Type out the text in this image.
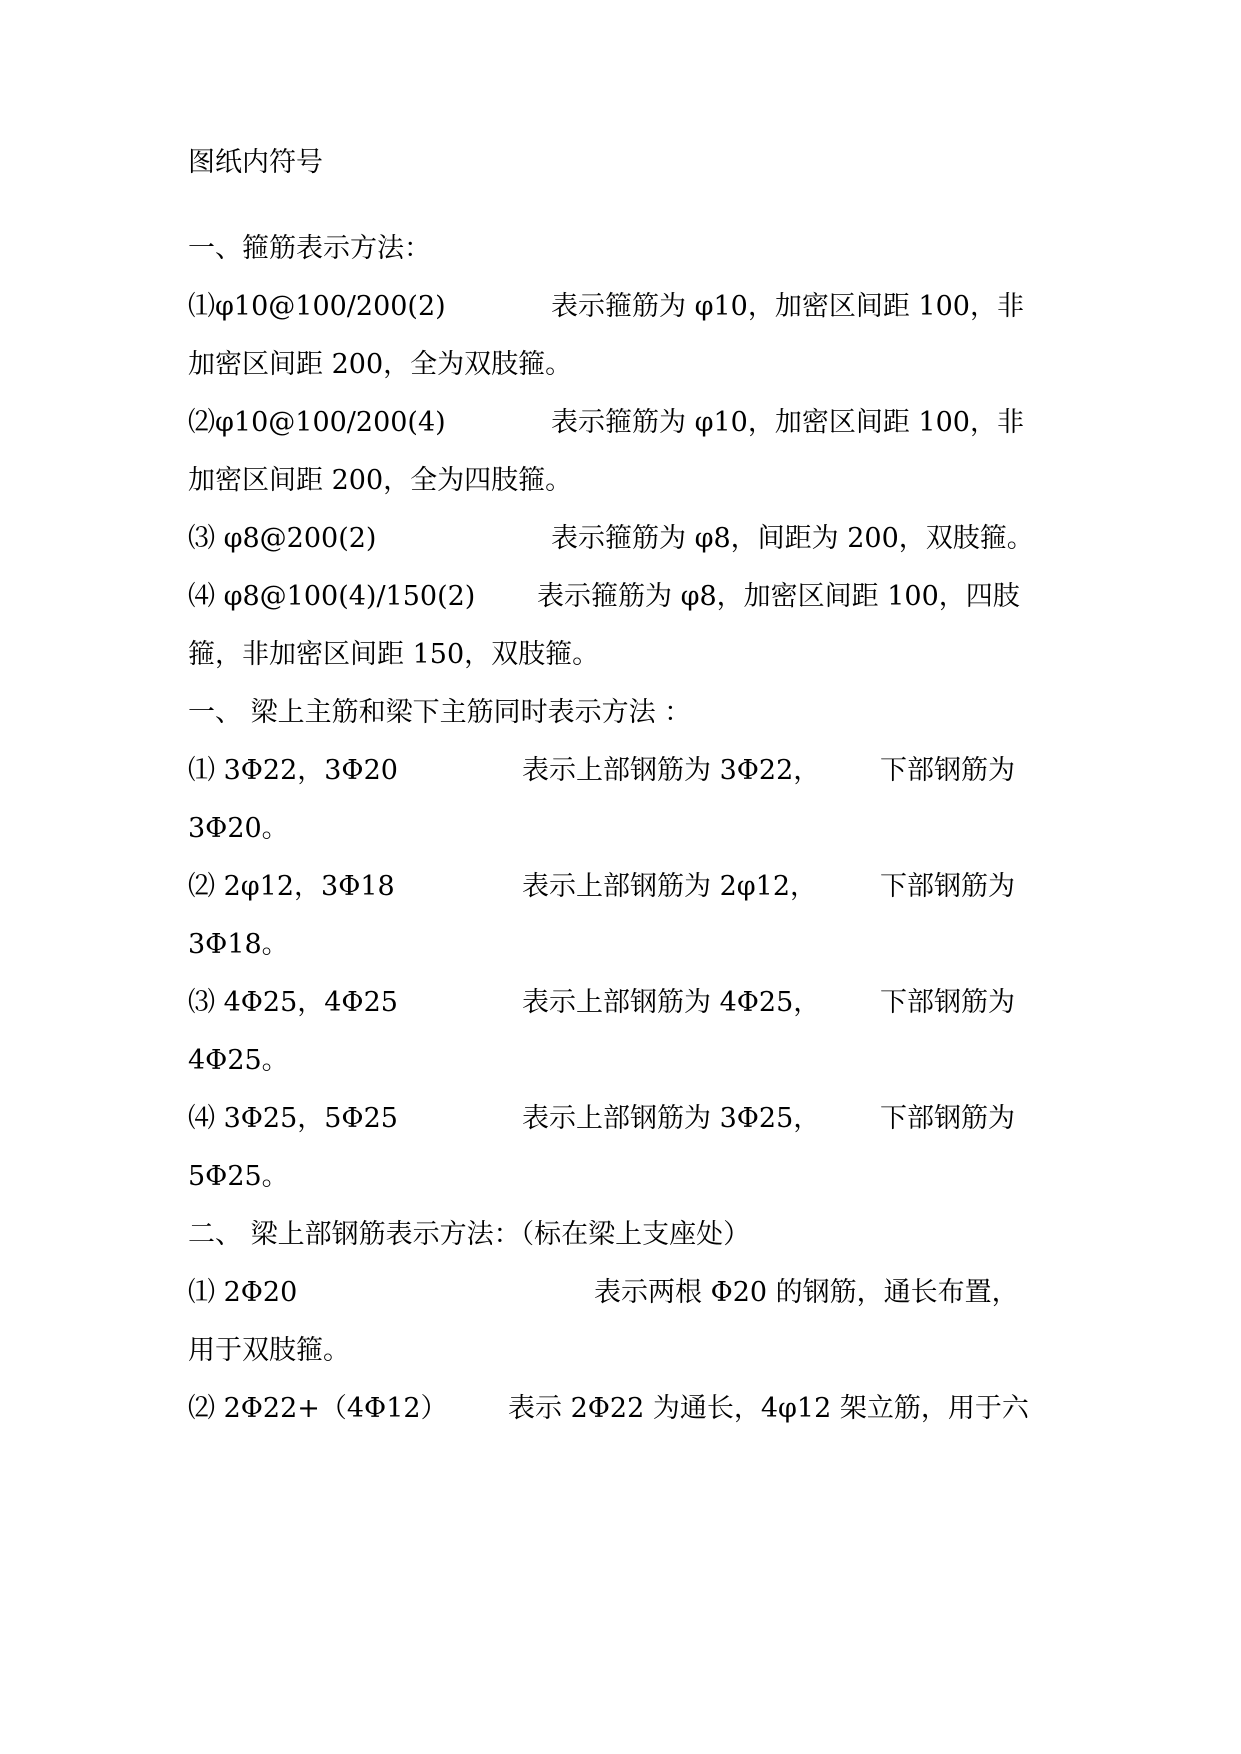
图纸内符号
一、箍筋表示方法：
⑴φ10@100/200(2)	表示箍筋为 φ10，加密区间距 100，非
加密区间距 200，全为双肢箍。
⑵φ10@100/200(4)	表示箍筋为 φ10，加密区间距 100，非
加密区间距 200，全为四肢箍。
⑶ φ8@200(2)	表示箍筋为 φ8，间距为 200，双肢箍。
⑷ φ8@100(4)/150(2) 表示箍筋为 φ8，加密区间距 100，四肢
箍，非加密区间距 150，双肢箍。
一、 梁上主筋和梁下主筋同时表示方法 ：
⑴ 3Φ22，3Φ20	表示上部钢筋为 3Φ22， 下部钢筋为
3Φ20。
⑵ 2φ12，3Φ18	表示上部钢筋为 2φ12， 下部钢筋为
3Φ18。
⑶ 4Φ25，4Φ25	表示上部钢筋为 4Φ25， 下部钢筋为
4Φ25。
⑷ 3Φ25，5Φ25	表示上部钢筋为 3Φ25， 下部钢筋为
5Φ25。
二、 梁上部钢筋表示方法：（标在梁上支座处）
⑴ 2Φ20	表示两根 Φ20 的钢筋，通长布置，
用于双肢箍。
⑵ 2Φ22+（4Φ12） 表示 2Φ22 为通长，4φ12 架立筋，用于六
